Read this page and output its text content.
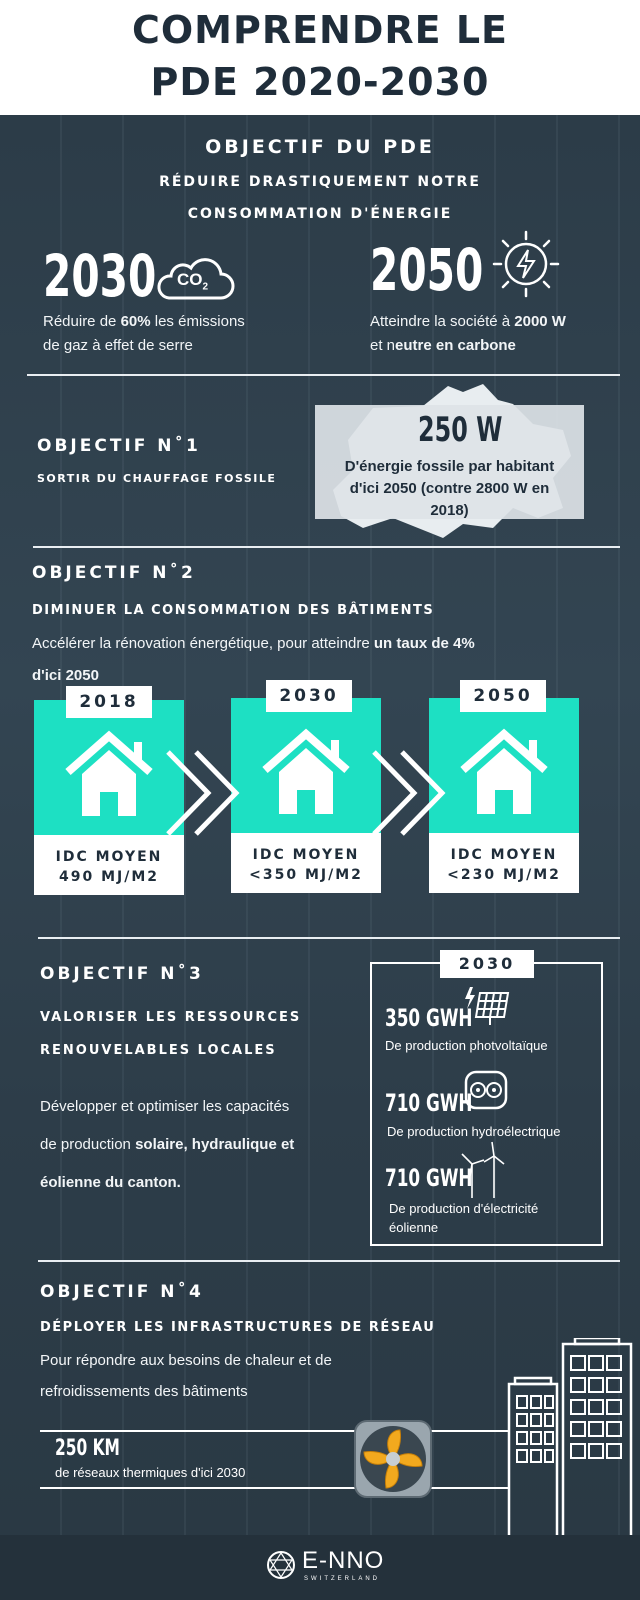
COMPRENDRE LE
PDE 2020-2030
OBJECTIF DU PDE
RÉDUIRE DRASTIQUEMENT NOTRE
CONSOMMATION D'ÉNERGIE
2030 $CO_2$
Réduire de 60% les émissions
de gaz à effet de serre
2050
Atteindre la société à 2000 W
et neutre en carbone
OBJECTIF N˚1
SORTIR DU CHAUFFAGE FOSSILE
250 W
D'énergie fossile par habitant
d'ici 2050 (contre 2800 W en
2018)
OBJECTIF N˚2
DIMINUER LA CONSOMMATION DES BÂTIMENTS
Accélérer la rénovation énergétique, pour atteindre un taux de 4%
d'ici 2050
IDC MOYEN
490 MJ/M2
2018
IDC MOYEN
<350 MJ/M2
2030
IDC MOYEN
<230 MJ/M2
2050
OBJECTIF N˚3
VALORISER LES RESSOURCES
RENOUVELABLES LOCALES
Développer et optimiser les capacités
de production solaire, hydraulique et
éolienne du canton.
2030
350 GWH
De production photvoltaïque
710 GWH
De production hydroélectrique
710 GWH
De production d'électricité
éolienne
OBJECTIF N˚4
DÉPLOYER LES INFRASTRUCTURES DE RÉSEAU
Pour répondre aux besoins de chaleur et de
refroidissements des bâtiments
250 KM
de réseaux thermiques d'ici 2030
E-NNO
SWITZERLAND
